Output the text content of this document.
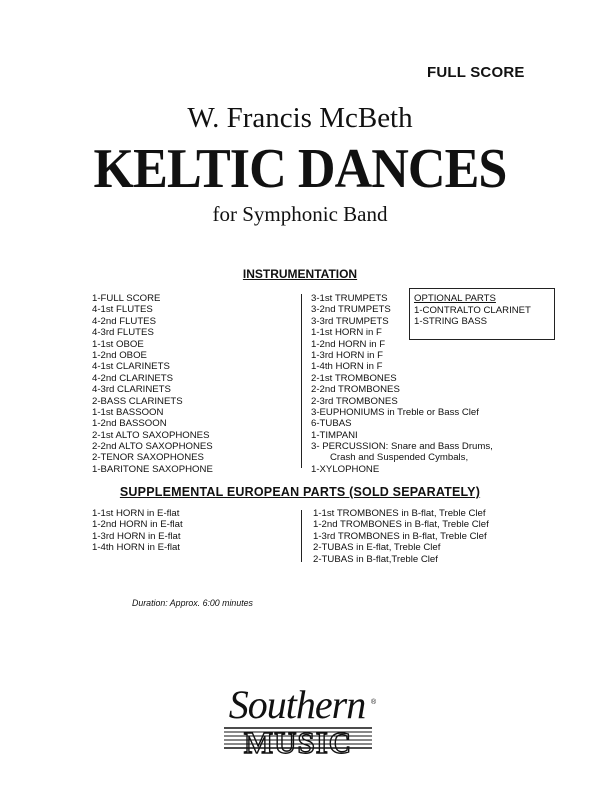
FULL SCORE
W. Francis McBeth
KELTIC DANCES
for Symphonic Band
INSTRUMENTATION
1-FULL SCORE
4-1st FLUTES
4-2nd FLUTES
4-3rd FLUTES
1-1st OBOE
1-2nd OBOE
4-1st CLARINETS
4-2nd CLARINETS
4-3rd CLARINETS
2-BASS CLARINETS
1-1st BASSOON
1-2nd BASSOON
2-1st ALTO SAXOPHONES
2-2nd ALTO SAXOPHONES
2-TENOR SAXOPHONES
1-BARITONE SAXOPHONE
3-1st TRUMPETS
3-2nd TRUMPETS
3-3rd TRUMPETS
1-1st HORN in F
1-2nd HORN in F
1-3rd HORN in F
1-4th HORN in F
2-1st TROMBONES
2-2nd TROMBONES
2-3rd TROMBONES
3-EUPHONIUMS in Treble or Bass Clef
6-TUBAS
1-TIMPANI
3- PERCUSSION: Snare and Bass Drums,
Crash and Suspended Cymbals,
1-XYLOPHONE
OPTIONAL PARTS
1-CONTRALTO CLARINET
1-STRING BASS
SUPPLEMENTAL EUROPEAN PARTS (SOLD SEPARATELY)
1-1st HORN in E-flat
1-2nd HORN in E-flat
1-3rd HORN in E-flat
1-4th HORN in E-flat
1-1st TROMBONES in B-flat, Treble Clef
1-2nd TROMBONES in B-flat, Treble Clef
1-3rd TROMBONES in B-flat, Treble Clef
2-TUBAS in E-flat, Treble Clef
2-TUBAS in B-flat,Treble Clef
Duration: Approx. 6:00 minutes
Southern ®
MUSIC
